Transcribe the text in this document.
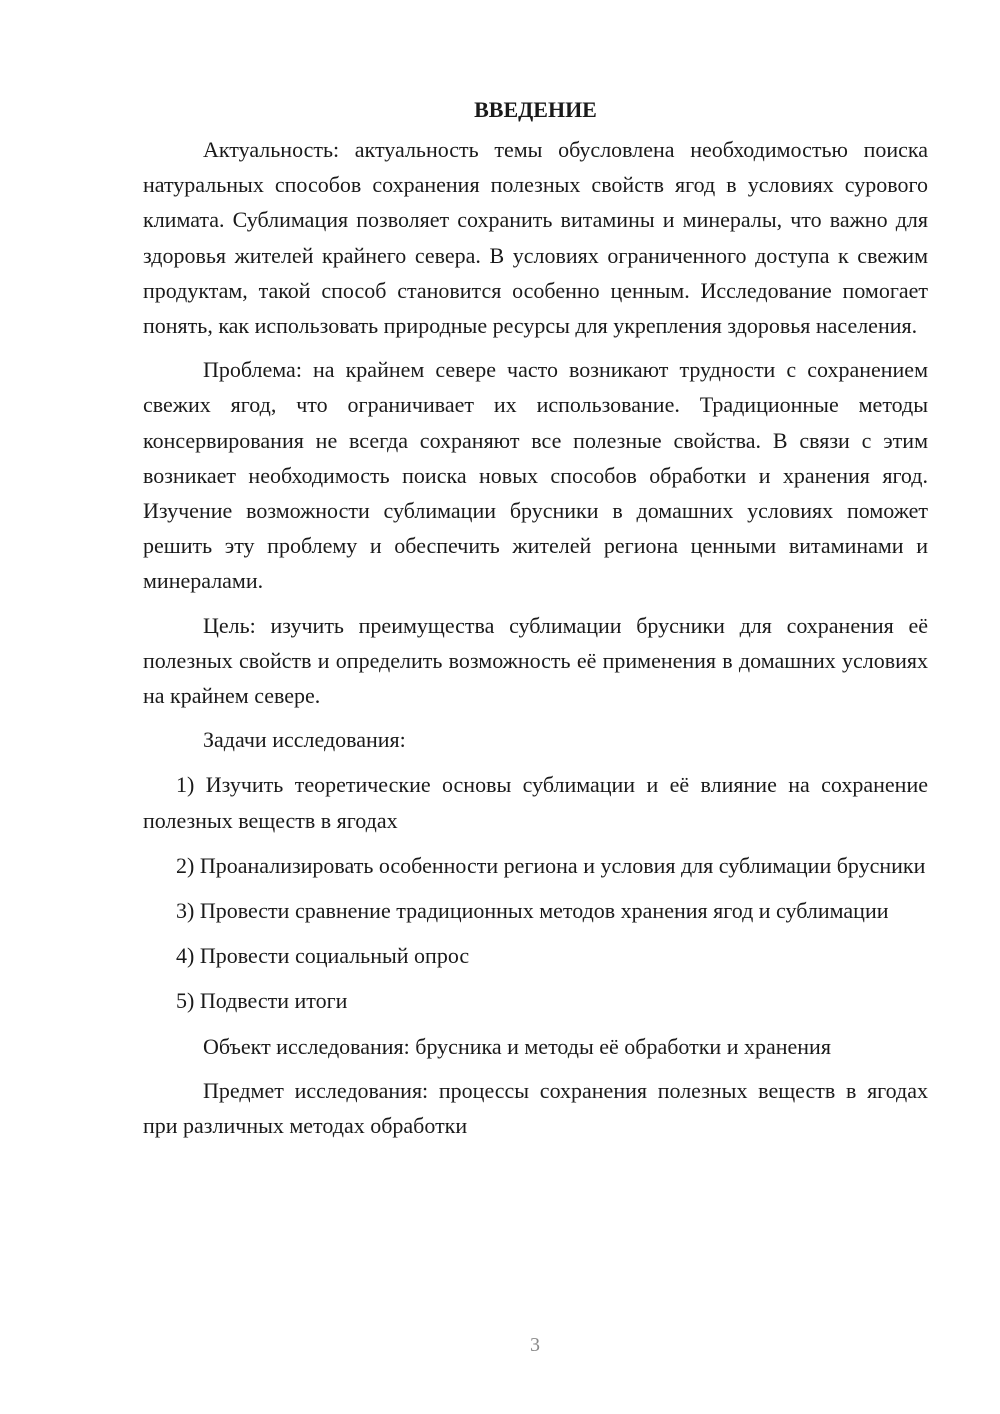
ВВЕДЕНИЕ

Актуальность: актуальность темы обусловлена необходимостью поиска натуральных способов сохранения полезных свойств ягод в условиях сурового климата. Сублимация позволяет сохранить витамины и минералы, что важно для здоровья жителей крайнего севера. В условиях ограниченного доступа к свежим продуктам, такой способ становится особенно ценным. Исследование помогает понять, как использовать природные ресурсы для укрепления здоровья населения.

Проблема: на крайнем севере часто возникают трудности с сохранением свежих ягод, что ограничивает их использование. Традиционные методы консервирования не всегда сохраняют все полезные свойства. В связи с этим возникает необходимость поиска новых способов обработки и хранения ягод. Изучение возможности сублимации брусники в домашних условиях поможет решить эту проблему и обеспечить жителей региона ценными витаминами и минералами.

Цель: изучить преимущества сублимации брусники для сохранения её полезных свойств и определить возможность её применения в домашних условиях на крайнем севере.

Задачи исследования:

1) Изучить теоретические основы сублимации и её влияние на сохранение полезных веществ в ягодах

2) Проанализировать особенности региона и условия для сублимации брусники

3) Провести сравнение традиционных методов хранения ягод и сублимации

4) Провести социальный опрос

5) Подвести итоги

Объект исследования: брусника и методы её обработки и хранения

Предмет исследования: процессы сохранения полезных веществ в ягодах при различных методах обработки

3
